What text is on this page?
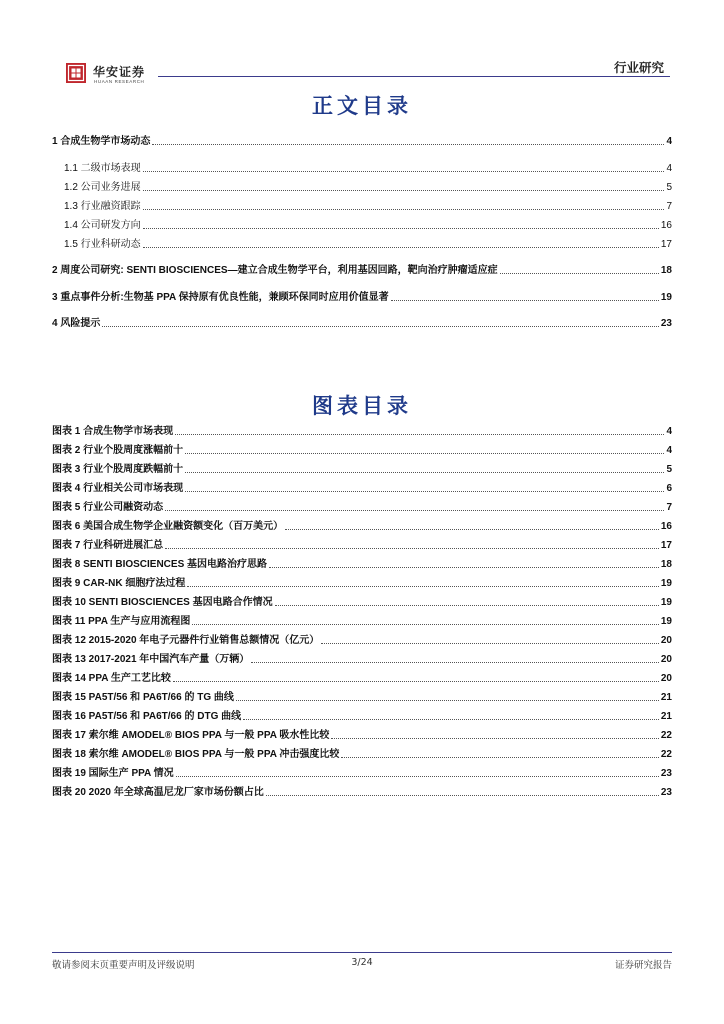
华安证券
HUAAN RESEARCH
行业研究
正文目录
1 合成生物学市场动态	4
1.1 二级市场表现	4
1.2 公司业务进展	5
1.3 行业融资跟踪	7
1.4 公司研发方向	16
1.5 行业科研动态	17
2 周度公司研究: SENTI BIOSCIENCES—建立合成生物学平台，利用基因回路，靶向治疗肿瘤适应症	18
3 重点事件分析:生物基 PPA 保持原有优良性能，兼顾环保同时应用价值显著	19
4 风险提示	23
图表目录
图表 1 合成生物学市场表现	4
图表 2 行业个股周度涨幅前十	4
图表 3 行业个股周度跌幅前十	5
图表 4 行业相关公司市场表现	6
图表 5 行业公司融资动态	7
图表 6 美国合成生物学企业融资额变化（百万美元）	16
图表 7 行业科研进展汇总	17
图表 8 SENTI BIOSCIENCES 基因电路治疗思路	18
图表 9 CAR-NK 细胞疗法过程	19
图表 10 SENTI BIOSCIENCES 基因电路合作情况	19
图表 11 PPA 生产与应用流程图	19
图表 12 2015-2020 年电子元器件行业销售总额情况（亿元）	20
图表 13 2017-2021 年中国汽车产量（万辆）	20
图表 14 PPA 生产工艺比较	20
图表 15 PA5T/56 和 PA6T/66 的 TG 曲线	21
图表 16 PA5T/56 和 PA6T/66 的 DTG 曲线	21
图表 17 索尔维 AMODEL® BIOS PPA 与一般 PPA 吸水性比较	22
图表 18 索尔维 AMODEL® BIOS PPA 与一般 PPA 冲击强度比较	22
图表 19 国际生产 PPA 情况	23
图表 20 2020 年全球高温尼龙厂家市场份额占比	23
敬请参阅末页重要声明及评级说明	3/24	证券研究报告
